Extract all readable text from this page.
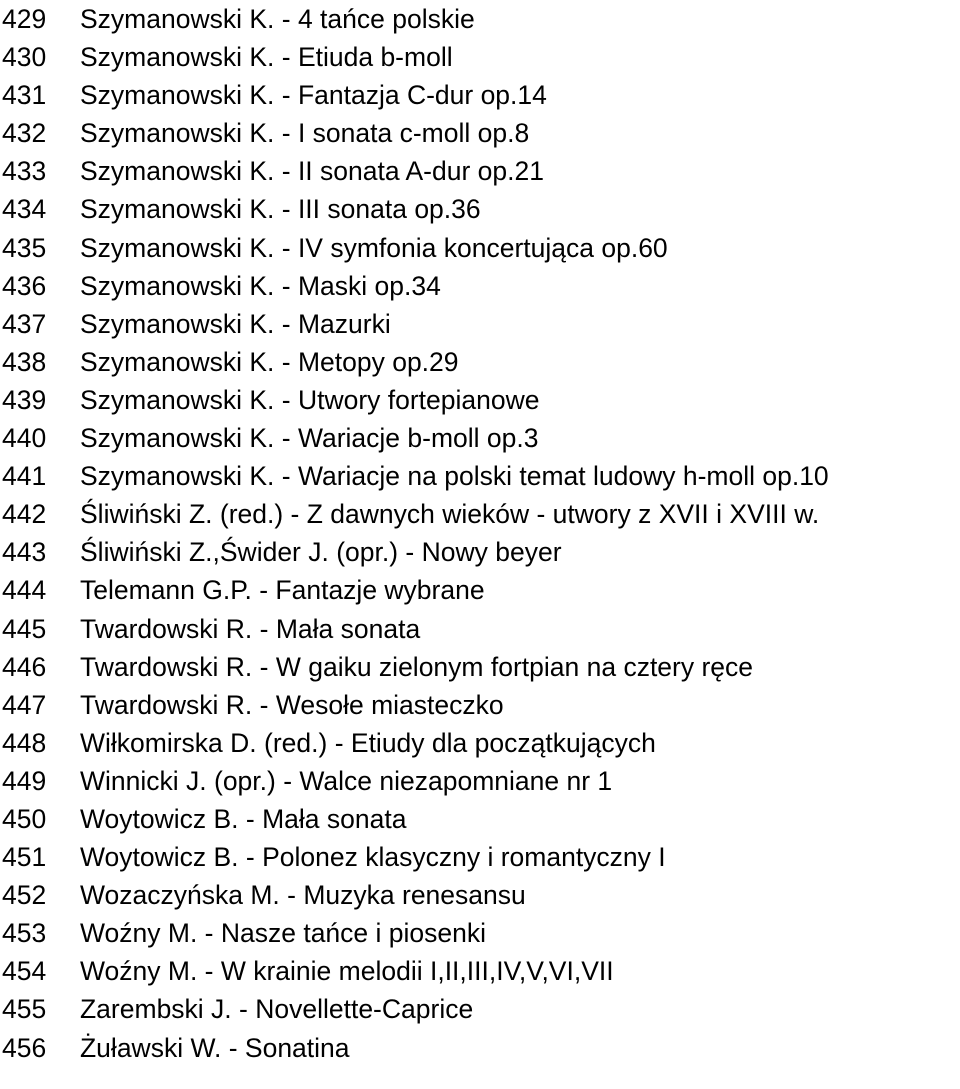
429	Szymanowski K. - 4 tańce polskie
430	Szymanowski K. - Etiuda b-moll
431	Szymanowski K. - Fantazja C-dur op.14
432	Szymanowski K. - I sonata c-moll op.8
433	Szymanowski K. - II sonata A-dur op.21
434	Szymanowski K. - III sonata op.36
435	Szymanowski K. - IV symfonia koncertująca op.60
436	Szymanowski K. - Maski op.34
437	Szymanowski K. - Mazurki
438	Szymanowski K. - Metopy op.29
439	Szymanowski K. - Utwory fortepianowe
440	Szymanowski K. - Wariacje b-moll op.3
441	Szymanowski K. - Wariacje na polski temat ludowy h-moll op.10
442	Śliwiński Z. (red.) - Z dawnych wieków - utwory z XVII i XVIII w.
443	Śliwiński Z.,Świder J. (opr.) - Nowy beyer
444	Telemann G.P. - Fantazje wybrane
445	Twardowski R. - Mała sonata
446	Twardowski R. - W gaiku zielonym fortpian na cztery ręce
447	Twardowski R. - Wesołe miasteczko
448	Wiłkomirska D. (red.) - Etiudy dla początkujących
449	Winnicki J. (opr.) - Walce niezapomniane nr 1
450	Woytowicz B. - Mała sonata
451	Woytowicz B. - Polonez klasyczny i romantyczny I
452	Wozaczyńska M. - Muzyka renesansu
453	Woźny M. - Nasze tańce i piosenki
454	Woźny M. - W krainie melodii I,II,III,IV,V,VI,VII
455	Zarembski J. - Novellette-Caprice
456	Żuławski W. - Sonatina
